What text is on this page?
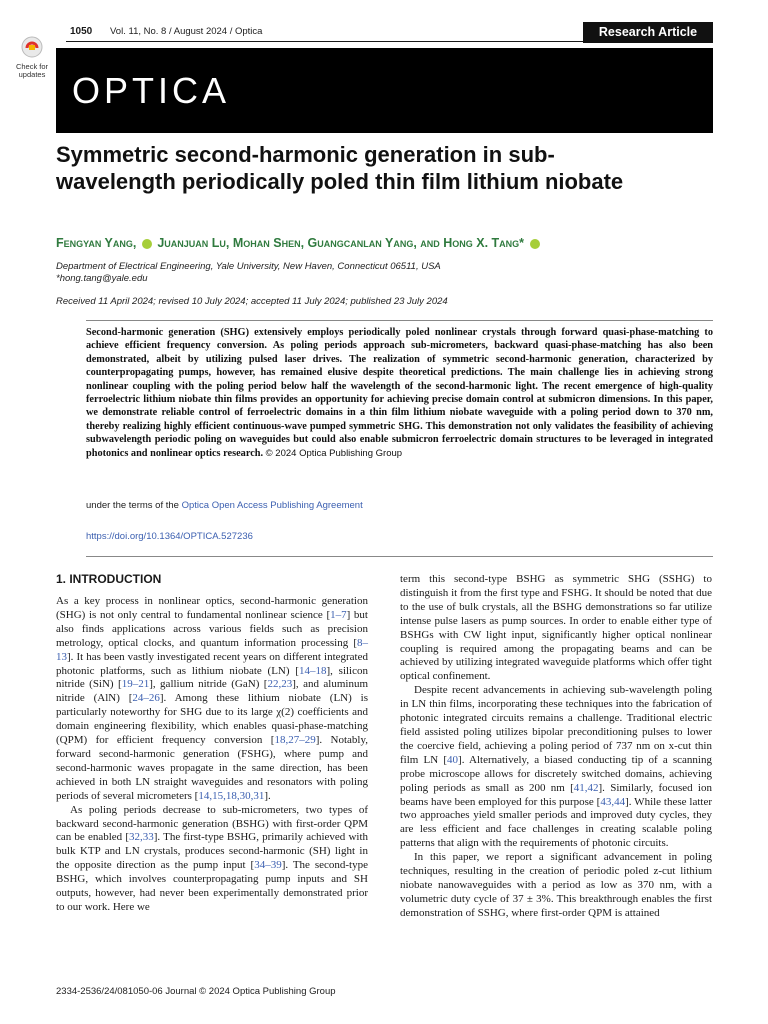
Check for updates
1050 Vol. 11, No. 8 / August 2024 / Optica	Research Article
OPTICA
Symmetric second-harmonic generation in sub-wavelength periodically poled thin film lithium niobate
Fengyan Yang, Juanjuan Lu, Mohan Shen, Guangcanlan Yang, and Hong X. Tang*
Department of Electrical Engineering, Yale University, New Haven, Connecticut 06511, USA
*hong.tang@yale.edu
Received 11 April 2024; revised 10 July 2024; accepted 11 July 2024; published 23 July 2024
Second-harmonic generation (SHG) extensively employs periodically poled nonlinear crystals through forward quasi-phase-matching to achieve efficient frequency conversion. As poling periods approach sub-micrometers, backward quasi-phase-matching has also been demonstrated, albeit by utilizing pulsed laser drives. The realization of symmetric second-harmonic generation, characterized by counterpropagating pumps, however, has remained elusive despite theoretical predictions. The main challenge lies in achieving strong nonlinear coupling with the poling period below half the wavelength of the second-harmonic light. The recent emergence of high-quality ferroelectric lithium niobate thin films provides an opportunity for achieving precise domain control at submicron dimensions. In this paper, we demonstrate reliable control of ferroelectric domains in a thin film lithium niobate waveguide with a poling period down to 370 nm, thereby realizing highly efficient continuous-wave pumped symmetric SHG. This demonstration not only validates the feasibility of achieving subwavelength periodic poling on waveguides but could also enable submicron ferroelectric domain structures to be leveraged in integrated photonics and nonlinear optics research. © 2024 Optica Publishing Group
under the terms of the Optica Open Access Publishing Agreement
https://doi.org/10.1364/OPTICA.527236
1. INTRODUCTION

As a key process in nonlinear optics, second-harmonic generation (SHG) is not only central to fundamental nonlinear science [1–7] but also finds applications across various fields such as precision metrology, optical clocks, and quantum information processing [8–13]. It has been vastly investigated recent years on different integrated photonic platforms, such as lithium niobate (LN) [14–18], silicon nitride (SiN) [19–21], gallium nitride (GaN) [22,23], and aluminum nitride (AlN) [24–26]. Among these lithium niobate (LN) is particularly noteworthy for SHG due to its large χ(2) coefficients and domain engineering flexibility, which enables quasi-phase-matching (QPM) for efficient frequency conversion [18,27–29]. Notably, forward second-harmonic generation (FSHG), where pump and second-harmonic waves propagate in the same direction, has been achieved in both LN straight waveguides and resonators with poling periods of several micrometers [14,15,18,30,31].

As poling periods decrease to sub-micrometers, two types of backward second-harmonic generation (BSHG) with first-order QPM can be enabled [32,33]. The first-type BSHG, primarily achieved with bulk KTP and LN crystals, produces second-harmonic (SH) light in the opposite direction as the pump input [34–39]. The second-type BSHG, which involves counterpropagating pump inputs and SH outputs, however, had never been experimentally demonstrated prior to our work. Here we

term this second-type BSHG as symmetric SHG (SSHG) to distinguish it from the first type and FSHG. It should be noted that due to the use of bulk crystals, all the BSHG demonstrations so far utilize intense pulse lasers as pump sources. In order to enable either type of BSHGs with CW light input, significantly higher optical nonlinear coupling is required among the propagating beams and can be achieved by utilizing integrated waveguide platforms which offer tight optical confinement.

Despite recent advancements in achieving sub-wavelength poling in LN thin films, incorporating these techniques into the fabrication of photonic integrated circuits remains a challenge. Traditional electric field assisted poling utilizes bipolar preconditioning pulses to lower the coercive field, achieving a poling period of 737 nm on x-cut thin film LN [40]. Alternatively, a biased conducting tip of a scanning probe microscope allows for discretely switched domains, achieving poling periods as small as 200 nm [41,42]. Similarly, focused ion beams have been employed for this purpose [43,44]. While these latter two approaches yield smaller periods and improved duty cycles, they are less efficient and face challenges in creating scalable poling patterns that align with the requirements of photonic circuits.

In this paper, we report a significant advancement in poling techniques, resulting in the creation of periodic poled z-cut lithium niobate nanowaveguides with a period as low as 370 nm, with a volumetric duty cycle of 37 ± 3%. This breakthrough enables the first demonstration of SSHG, where first-order QPM is attained

2334-2536/24/081050-06 Journal © 2024 Optica Publishing Group
